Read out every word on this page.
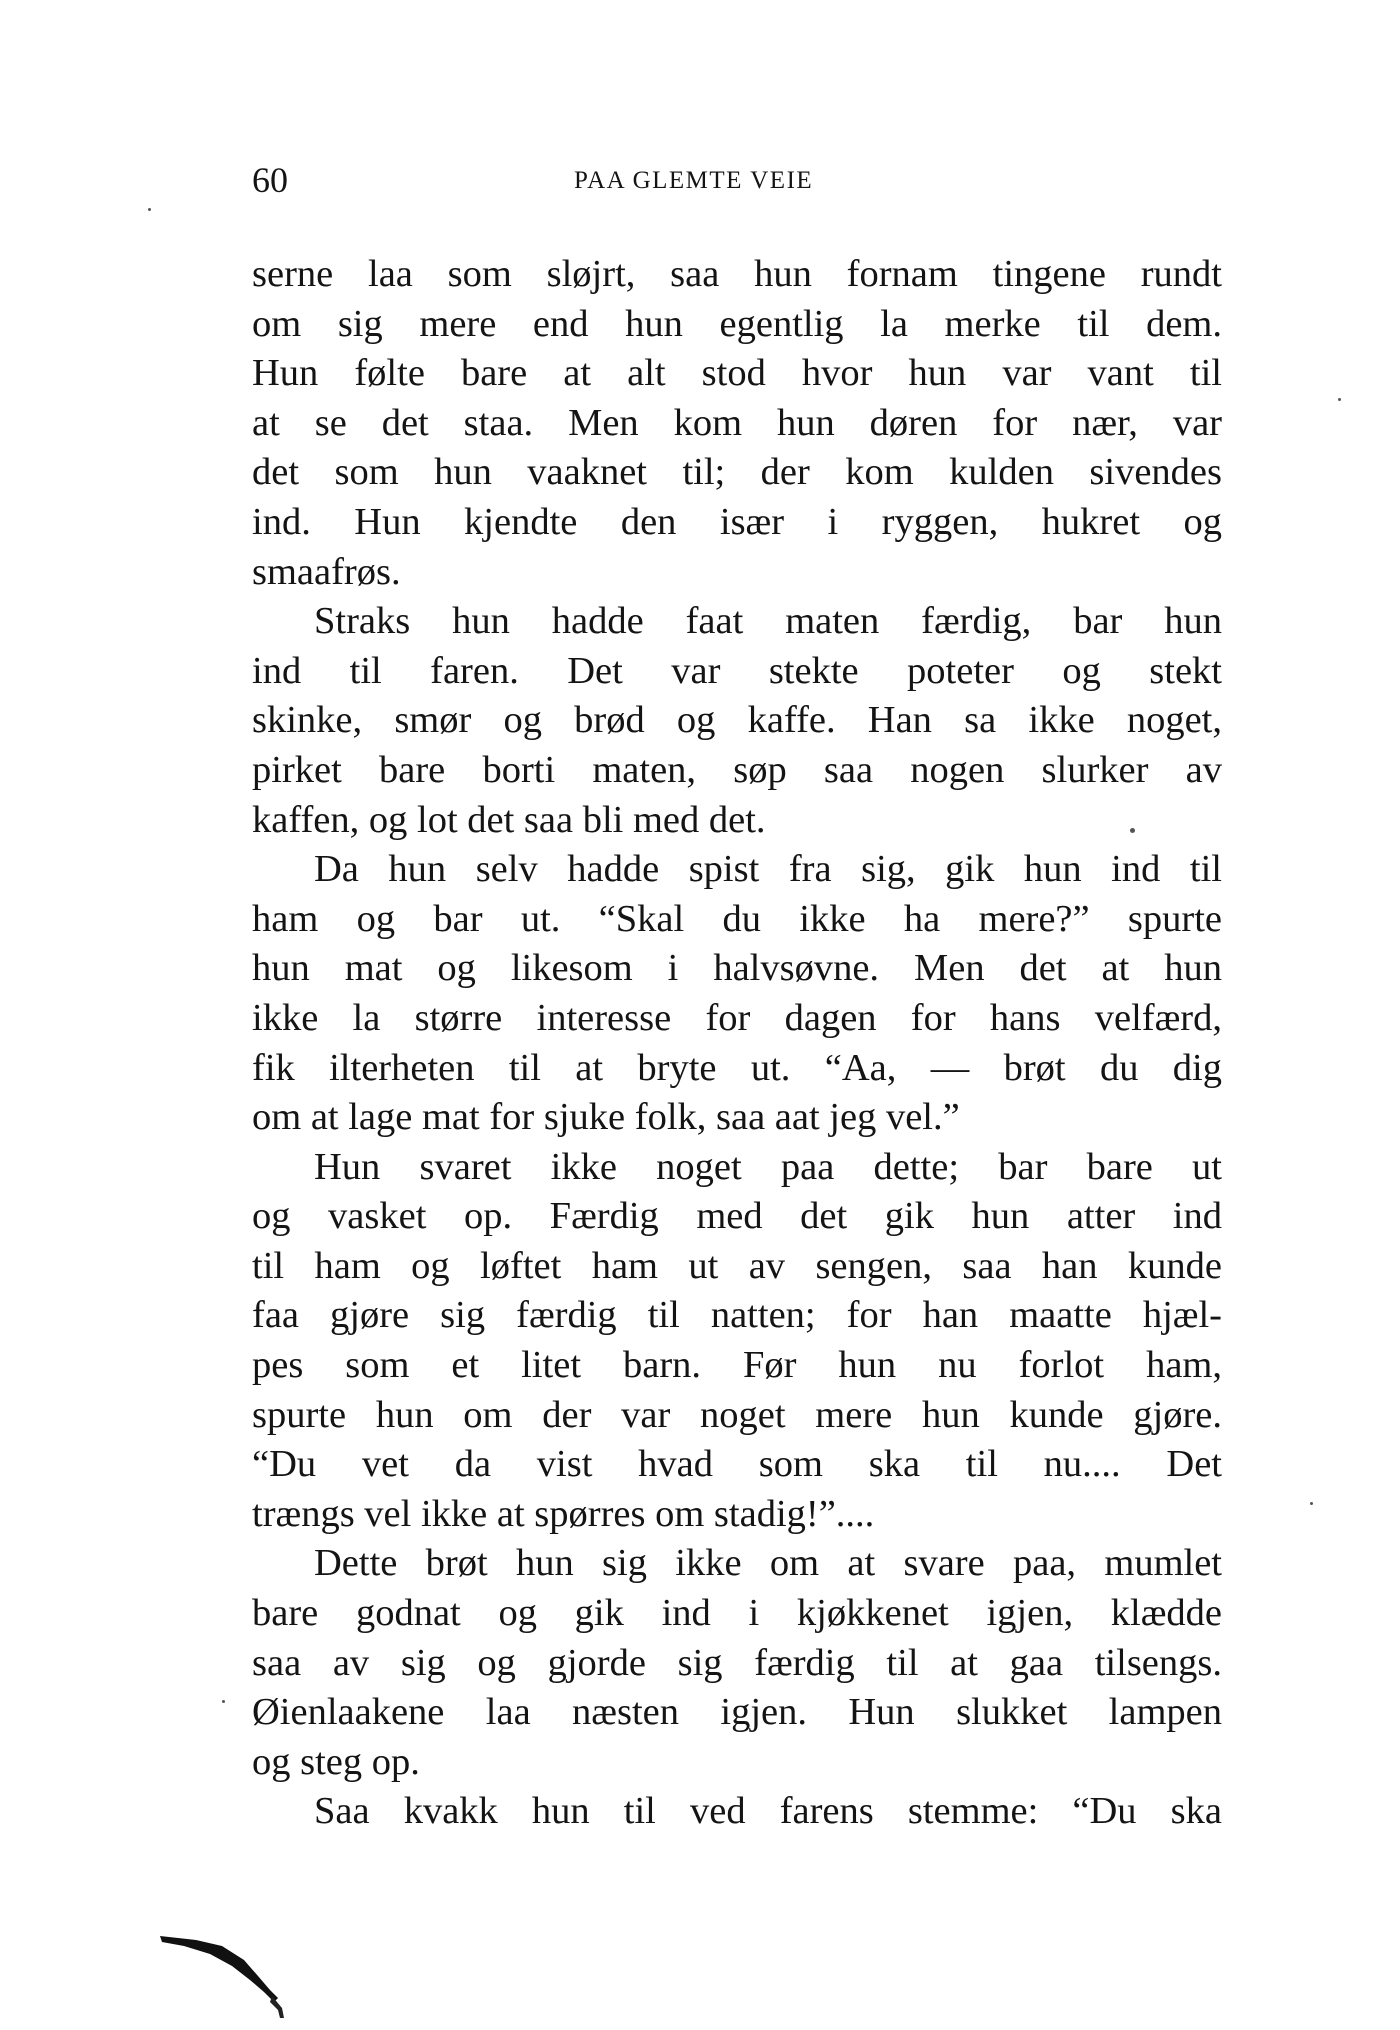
60	PAA GLEMTE VEIE
serne laa som sløjrt, saa hun fornam tingene rundt
om sig mere end hun egentlig la merke til dem.
Hun følte bare at alt stod hvor hun var vant til
at se det staa. Men kom hun døren for nær, var
det som hun vaaknet til; der kom kulden sivendes
ind. Hun kjendte den især i ryggen, hukret og
smaafrøs.
Straks hun hadde faat maten færdig, bar hun
ind til faren. Det var stekte poteter og stekt
skinke, smør og brød og kaffe. Han sa ikke noget,
pirket bare borti maten, søp saa nogen slurker av
kaffen, og lot det saa bli med det.
Da hun selv hadde spist fra sig, gik hun ind til
ham og bar ut. “Skal du ikke ha mere?” spurte
hun mat og likesom i halvsøvne. Men det at hun
ikke la større interesse for dagen for hans velfærd,
fik ilterheten til at bryte ut. “Aa, — brøt du dig
om at lage mat for sjuke folk, saa aat jeg vel.”
Hun svaret ikke noget paa dette; bar bare ut
og vasket op. Færdig med det gik hun atter ind
til ham og løftet ham ut av sengen, saa han kunde
faa gjøre sig færdig til natten; for han maatte hjæl-
pes som et litet barn. Før hun nu forlot ham,
spurte hun om der var noget mere hun kunde gjøre.
“Du vet da vist hvad som ska til nu.... Det
trængs vel ikke at spørres om stadig!”....
Dette brøt hun sig ikke om at svare paa, mumlet
bare godnat og gik ind i kjøkkenet igjen, klædde
saa av sig og gjorde sig færdig til at gaa tilsengs.
Øienlaakene laa næsten igjen. Hun slukket lampen
og steg op.
Saa kvakk hun til ved farens stemme: “Du ska
